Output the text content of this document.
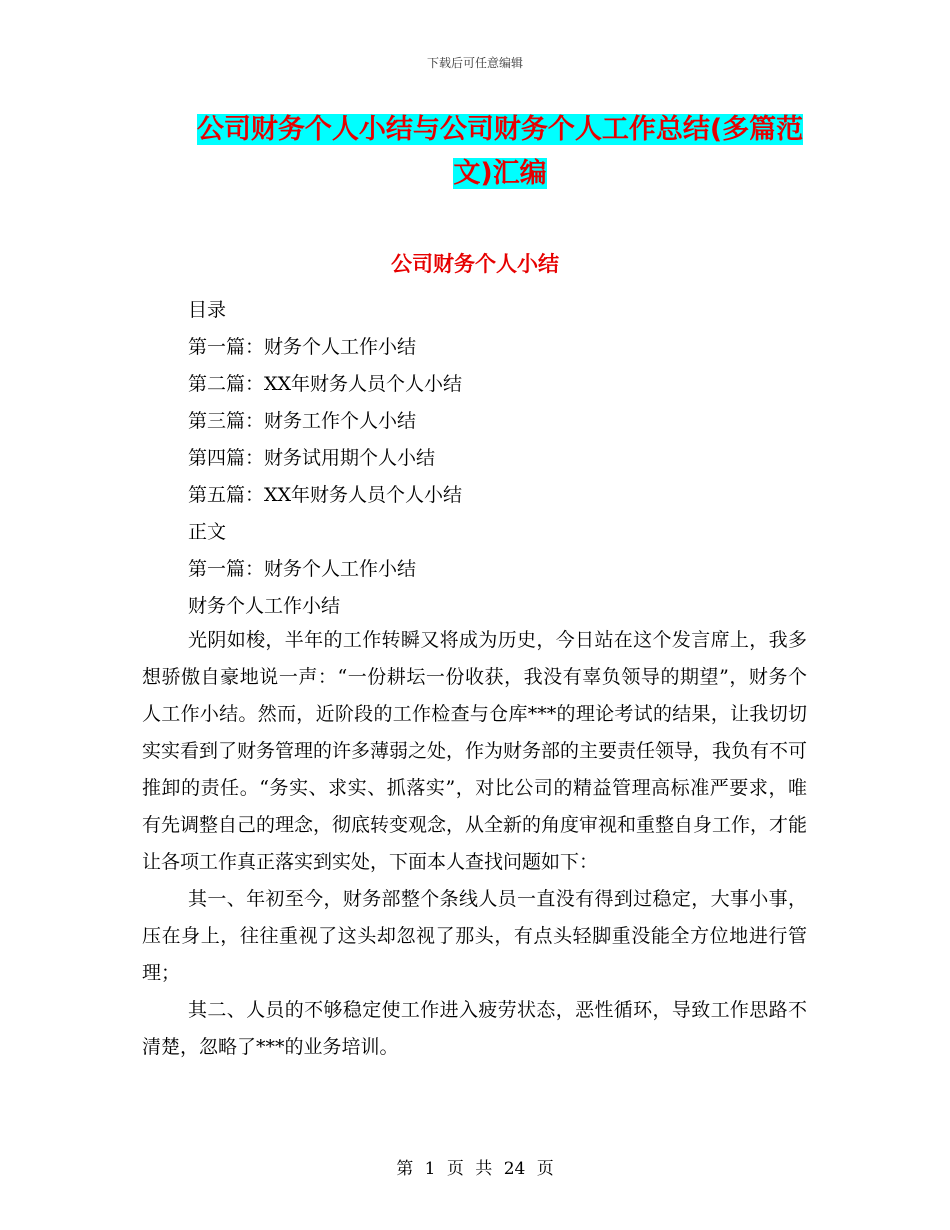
下载后可任意编辑
公司财务个人小结与公司财务个人工作总结(多篇范
文)汇编
公司财务个人小结
目录
第一篇：财务个人工作小结
第二篇：XX年财务人员个人小结
第三篇：财务工作个人小结
第四篇：财务试用期个人小结
第五篇：XX年财务人员个人小结
正文
第一篇：财务个人工作小结
财务个人工作小结

光阴如梭，半年的工作转瞬又将成为历史，今日站在这个发言席上，我多想骄傲自豪地说一声：“一份耕坛一份收获，我没有辜负领导的期望”，财务个人工作小结。然而，近阶段的工作检查与仓库***的理论考试的结果，让我切切实实看到了财务管理的许多薄弱之处，作为财务部的主要责任领导，我负有不可推卸的责任。“务实、求实、抓落实”，对比公司的精益管理高标准严要求，唯有先调整自己的理念，彻底转变观念，从全新的角度审视和重整自身工作，才能让各项工作真正落实到实处，下面本人查找问题如下：

其一、年初至今，财务部整个条线人员一直没有得到过稳定，大事小事，压在身上，往往重视了这头却忽视了那头，有点头轻脚重没能全方位地进行管理；

其二、人员的不够稳定使工作进入疲劳状态，恶性循环，导致工作思路不清楚，忽略了***的业务培训。

第 1 页 共 24 页
